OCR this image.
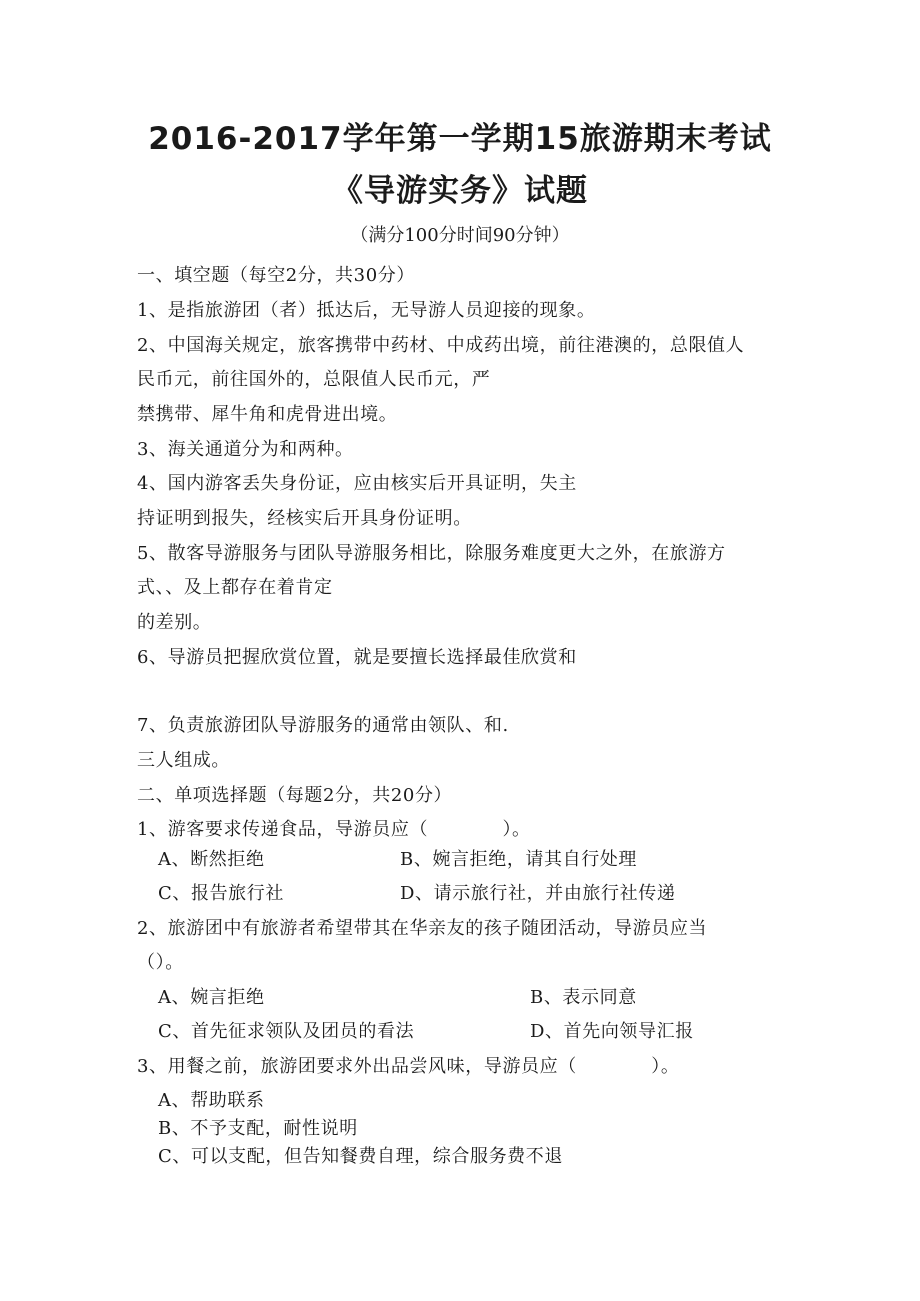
2016-2017学年第一学期15旅游期末考试
《导游实务》试题
（满分100分时间90分钟）
一、填空题（每空2分，共30分）
1、是指旅游团（者）抵达后，无导游人员迎接的现象。
2、中国海关规定，旅客携带中药材、中成药出境，前往港澳的，总限值人
民币元，前往国外的，总限值人民币元，严
禁携带、犀牛角和虎骨进出境。
3、海关通道分为和两种。
4、国内游客丢失身份证，应由核实后开具证明，失主
持证明到报失，经核实后开具身份证明。
5、散客导游服务与团队导游服务相比，除服务难度更大之外，在旅游方
式、、及上都存在着肯定
的差别。
6、导游员把握欣赏位置，就是要擅长选择最佳欣赏和
7、负责旅游团队导游服务的通常由领队、和.
三人组成。
二、单项选择题（每题2分，共20分）
1、游客要求传递食品，导游员应（　　　　）。
A、断然拒绝	B、婉言拒绝，请其自行处理
C、报告旅行社	D、请示旅行社，并由旅行社传递
2、旅游团中有旅游者希望带其在华亲友的孩子随团活动，导游员应当
（）。
A、婉言拒绝	B、表示同意
C、首先征求领队及团员的看法	D、首先向领导汇报
3、用餐之前，旅游团要求外出品尝风味，导游员应（　　　　）。
A、帮助联系
B、不予支配，耐性说明
C、可以支配，但告知餐费自理，综合服务费不退
